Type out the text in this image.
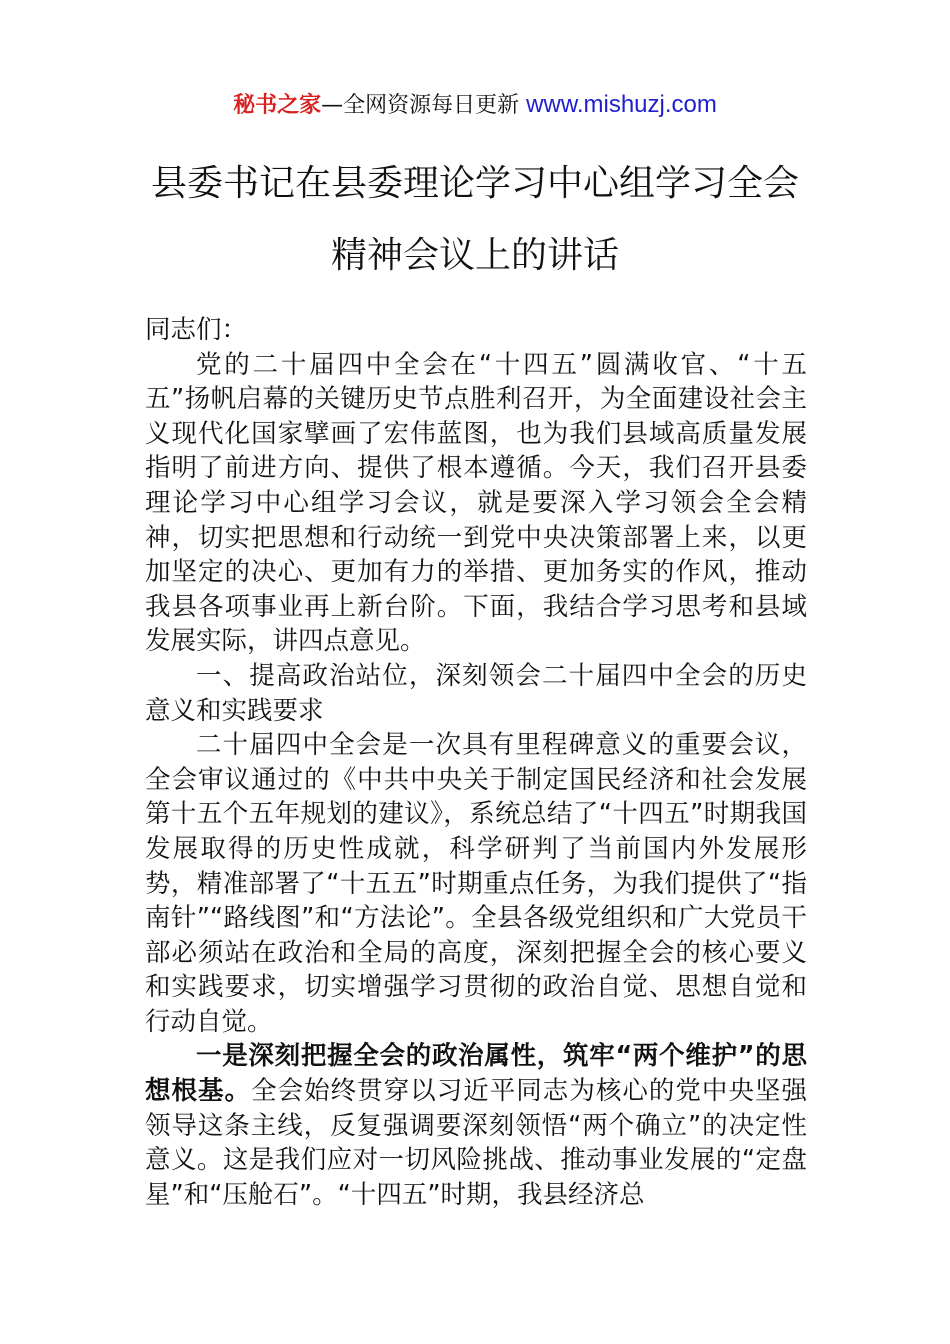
秘书之家—全网资源每日更新 www.mishuzj.com
县委书记在县委理论学习中心组学习全会
精神会议上的讲话

同志们：

党的二十届四中全会在“十四五”圆满收官、“十五五”扬帆启幕的关键历史节点胜利召开，为全面建设社会主义现代化国家擘画了宏伟蓝图，也为我们县域高质量发展指明了前进方向、提供了根本遵循。今天，我们召开县委理论学习中心组学习会议，就是要深入学习领会全会精神，切实把思想和行动统一到党中央决策部署上来，以更加坚定的决心、更加有力的举措、更加务实的作风，推动我县各项事业再上新台阶。下面，我结合学习思考和县域发展实际，讲四点意见。

一、提高政治站位，深刻领会二十届四中全会的历史意义和实践要求

二十届四中全会是一次具有里程碑意义的重要会议，全会审议通过的《中共中央关于制定国民经济和社会发展第十五个五年规划的建议》，系统总结了“十四五”时期我国发展取得的历史性成就，科学研判了当前国内外发展形势，精准部署了“十五五”时期重点任务，为我们提供了“指南针”“路线图”和“方法论”。全县各级党组织和广大党员干部必须站在政治和全局的高度，深刻把握全会的核心要义和实践要求，切实增强学习贯彻的政治自觉、思想自觉和行动自觉。

一是深刻把握全会的政治属性，筑牢“两个维护”的思想根基。全会始终贯穿以习近平同志为核心的党中央坚强领导这条主线，反复强调要深刻领悟“两个确立”的决定性意义。这是我们应对一切风险挑战、推动事业发展的“定盘星”和“压舱石”。“十四五”时期，我县经济总
